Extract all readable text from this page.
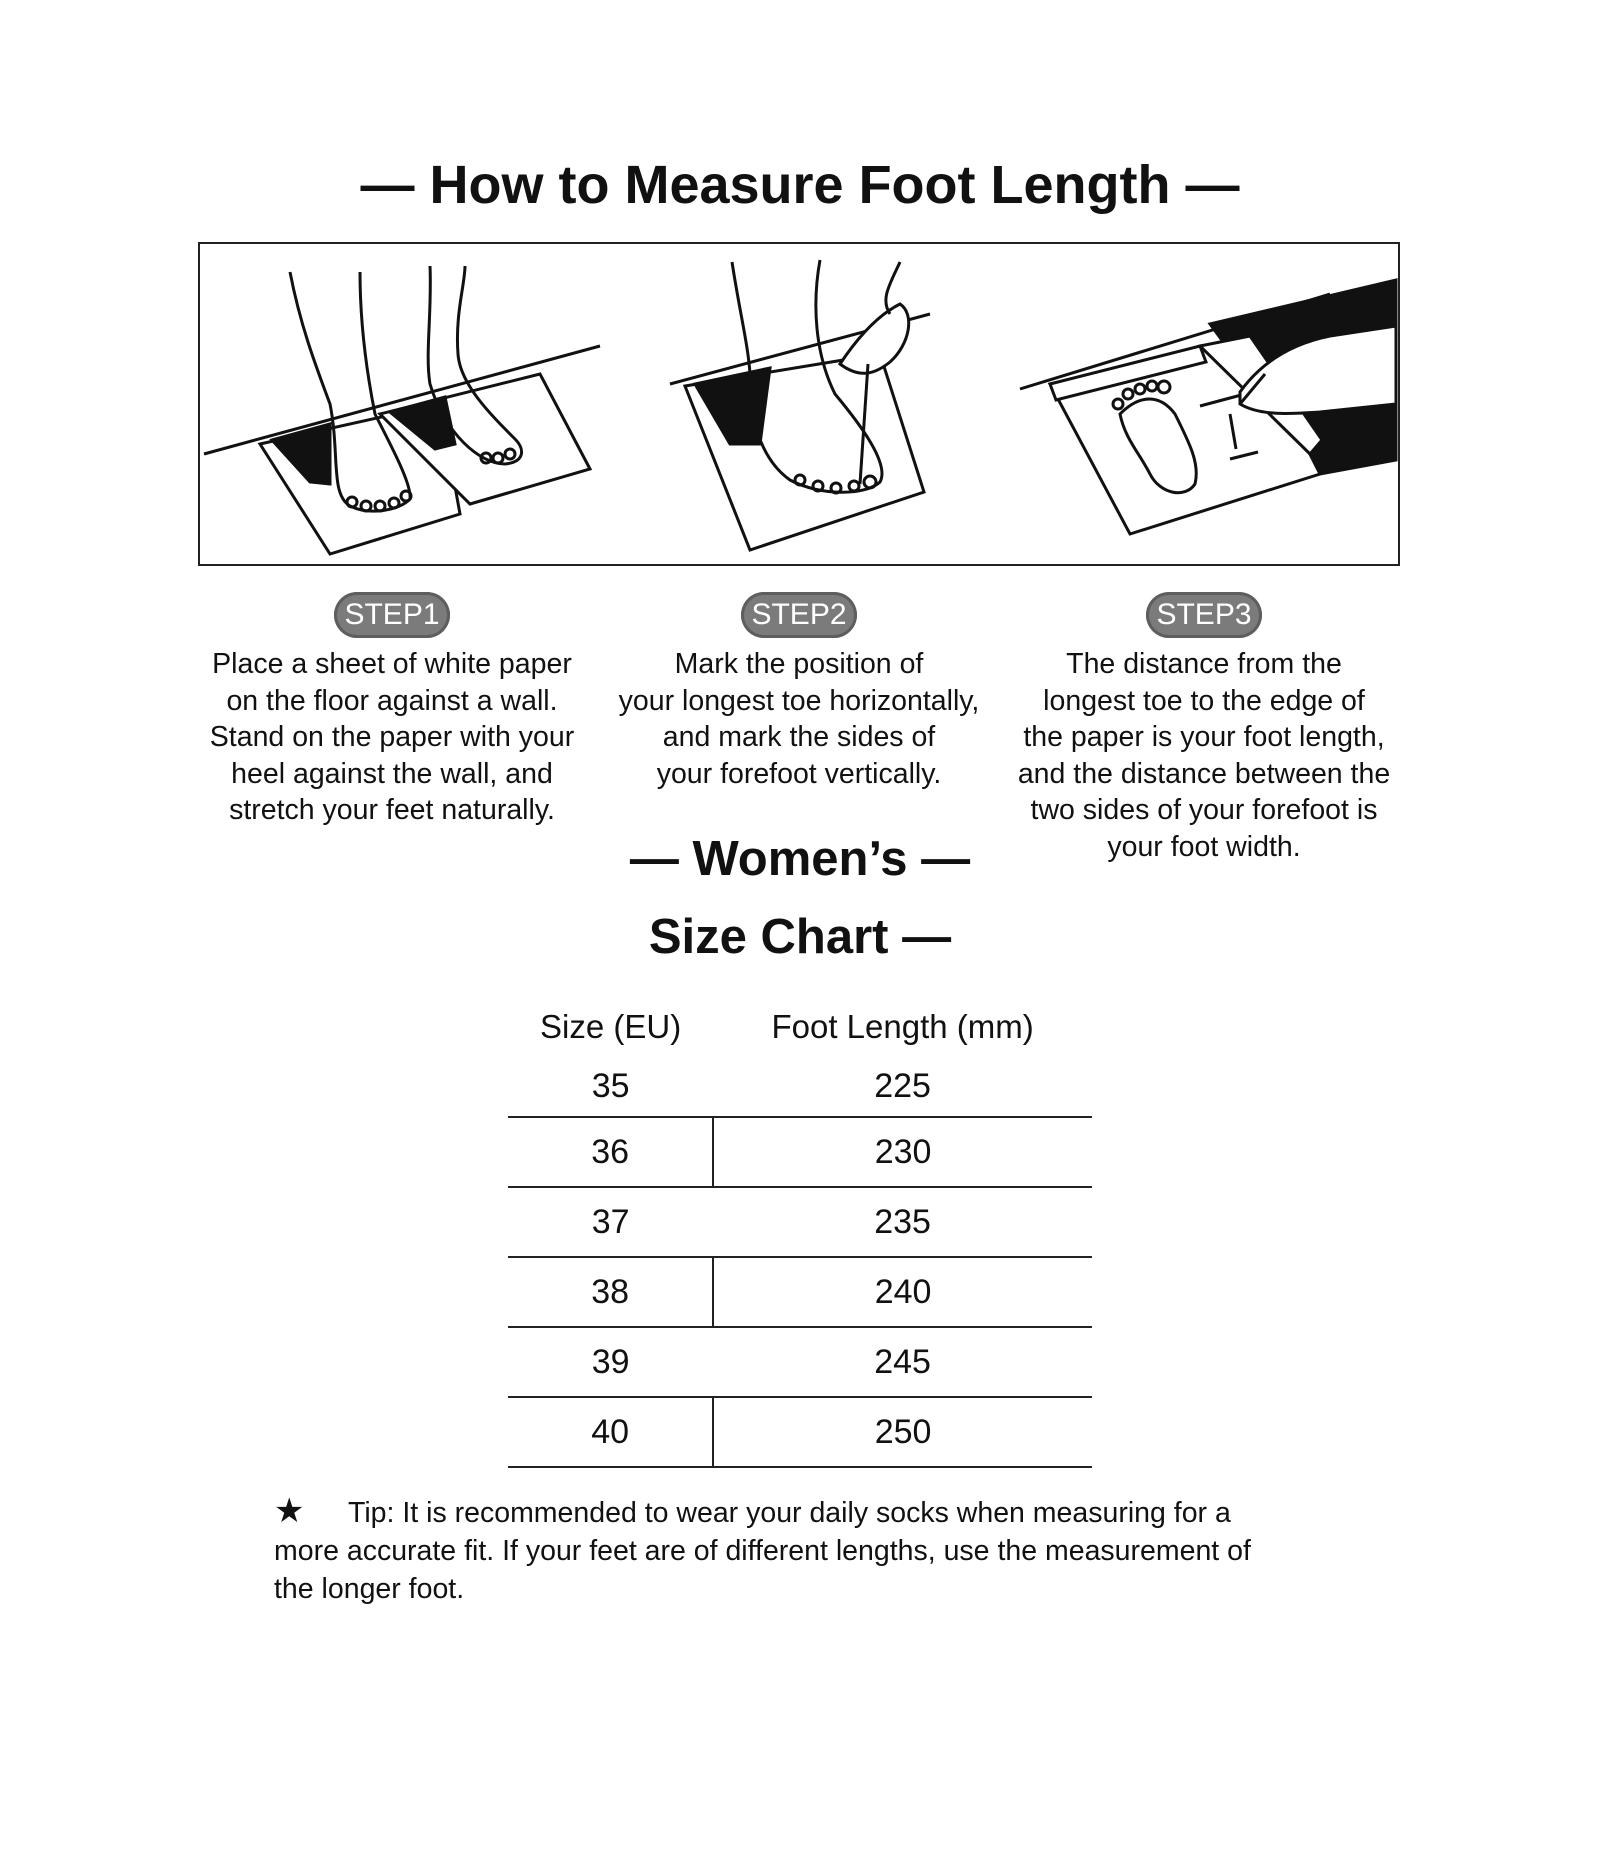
— How to Measure Foot Length —
STEP1
Place a sheet of white paper
on the floor against a wall.
Stand on the paper with your
heel against the wall, and
stretch your feet naturally.
STEP2
Mark the position of
your longest toe horizontally,
and mark the sides of
your forefoot vertically.
STEP3
The distance from the
longest toe to the edge of
the paper is your foot length,
and the distance between the
two sides of your forefoot is
your foot width.
— Women’s —
Size Chart —
Size (EU)	Foot Length (mm)
35	225
36	230
37	235
38	240
39	245
40	250
★ Tip: It is recommended to wear your daily socks when measuring for a
more accurate fit. If your feet are of different lengths, use the measurement of
the longer foot.
